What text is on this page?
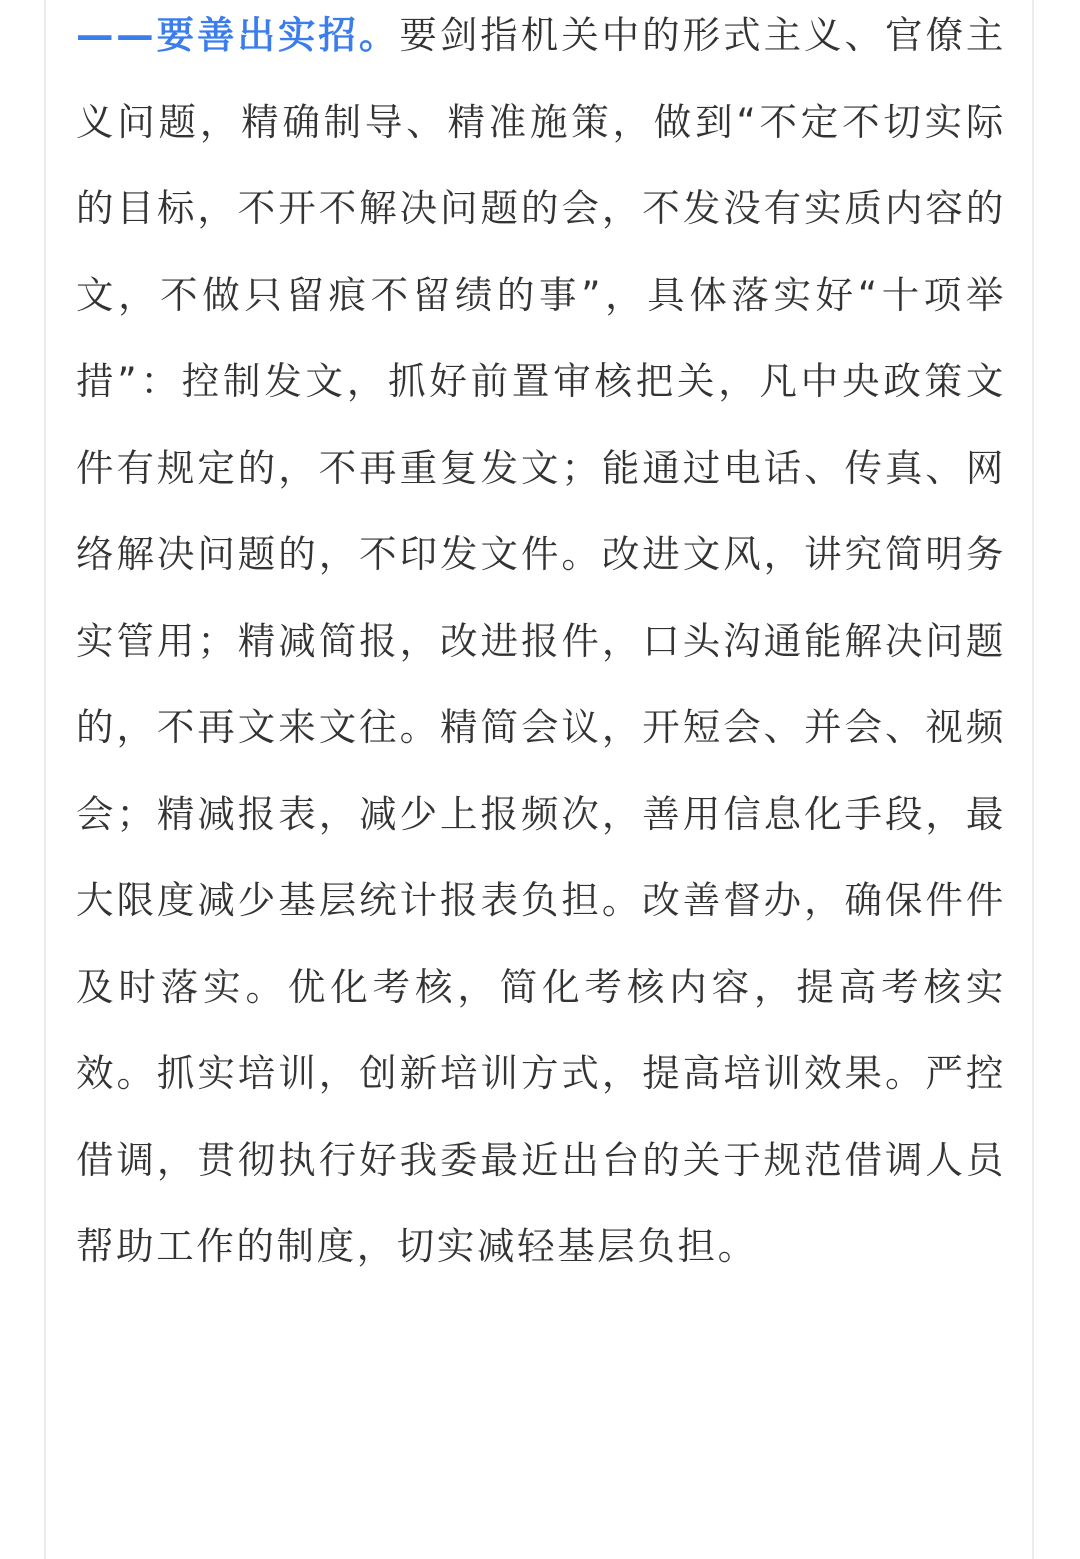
——要善出实招。要剑指机关中的形式主义、官僚主义问题，精确制导、精准施策，做到“不定不切实际的目标，不开不解决问题的会，不发没有实质内容的文，不做只留痕不留绩的事”，具体落实好“十项举措”：控制发文，抓好前置审核把关，凡中央政策文件有规定的，不再重复发文；能通过电话、传真、网络解决问题的，不印发文件。改进文风，讲究简明务实管用；精减简报，改进报件，口头沟通能解决问题的，不再文来文往。精简会议，开短会、并会、视频会；精减报表，减少上报频次，善用信息化手段，最大限度减少基层统计报表负担。改善督办，确保件件及时落实。优化考核，简化考核内容，提高考核实效。抓实培训，创新培训方式，提高培训效果。严控借调，贯彻执行好我委最近出台的关于规范借调人员帮助工作的制度，切实减轻基层负担。
